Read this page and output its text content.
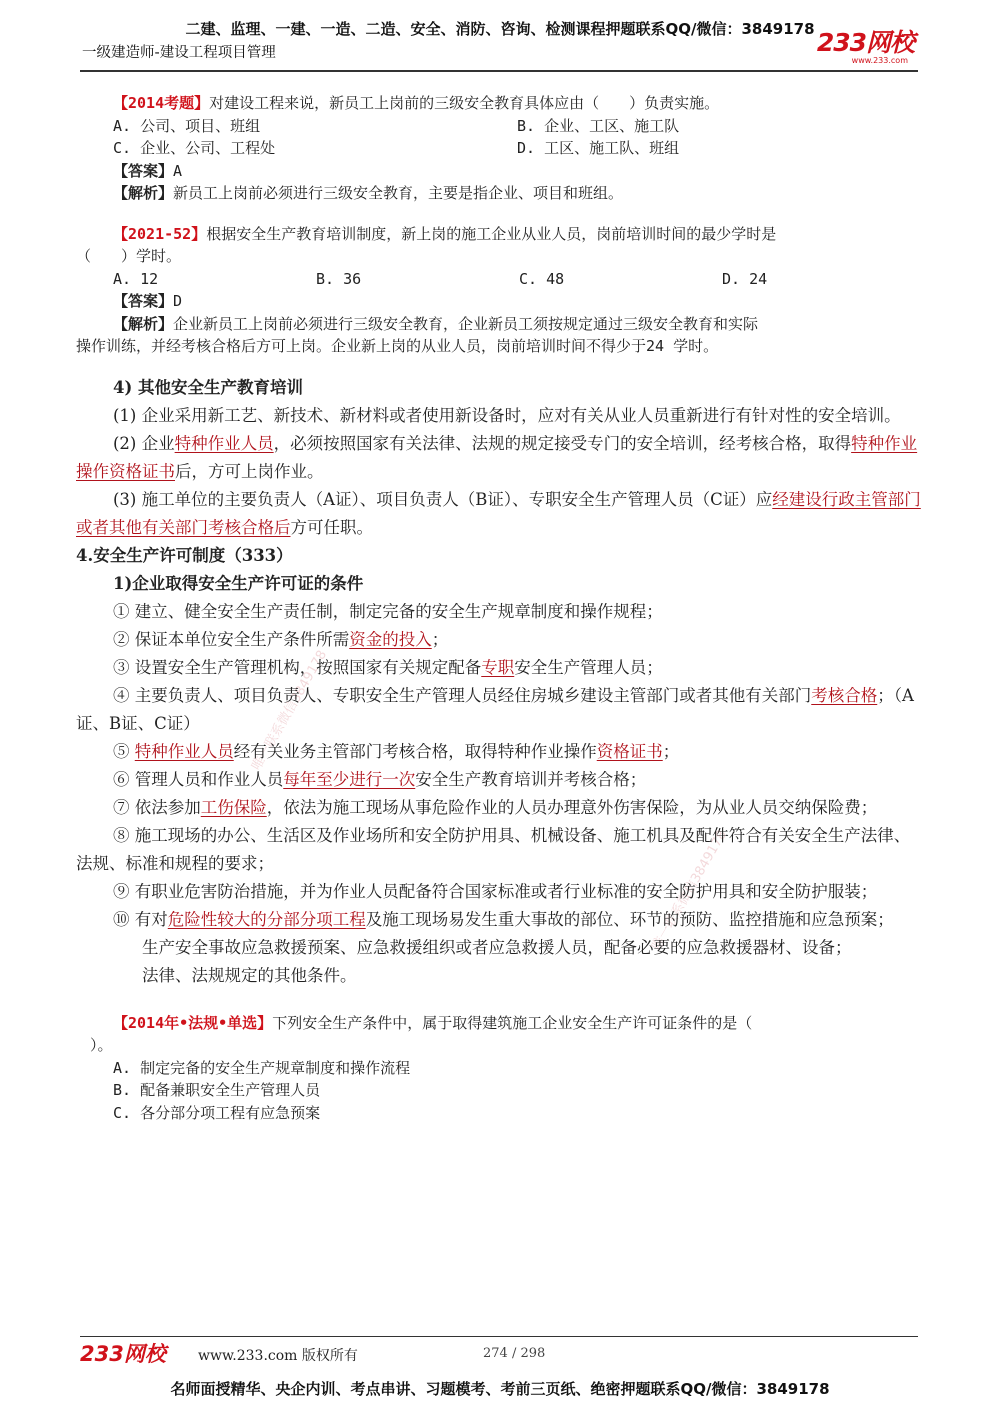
二建、监理、一建、一造、二造、安全、消防、咨询、检测课程押题联系QQ/微信：3849178
一级建造师-建设工程项目管理	233网校
www.233.com
唯一联系微信3849178
唯一联系微信3849178
【2014考题】对建设工程来说，新员工上岗前的三级安全教育具体应由（　　）负责实施。
A. 公司、项目、班组	B. 企业、工区、施工队
C. 企业、公司、工程处	D. 工区、施工队、班组
【答案】A
【解析】新员工上岗前必须进行三级安全教育，主要是指企业、项目和班组。
【2021-52】根据安全生产教育培训制度，新上岗的施工企业从业人员，岗前培训时间的最少学时是
（　　）学时。
A. 12	B. 36	C. 48	D. 24
【答案】D
【解析】企业新员工上岗前必须进行三级安全教育，企业新员工须按规定通过三级安全教育和实际
操作训练，并经考核合格后方可上岗。企业新上岗的从业人员，岗前培训时间不得少于24 学时。
4) 其他安全生产教育培训
(1) 企业采用新工艺、新技术、新材料或者使用新设备时，应对有关从业人员重新进行有针对性的安全培训。
(2) 企业特种作业人员，必须按照国家有关法律、法规的规定接受专门的安全培训，经考核合格，取得特种作业操作资格证书后，方可上岗作业。
(3) 施工单位的主要负责人（A证）、项目负责人（B证）、专职安全生产管理人员（C证）应经建设行政主管部门或者其他有关部门考核合格后方可任职。
4.安全生产许可制度（333）
1)企业取得安全生产许可证的条件
① 建立、健全安全生产责任制，制定完备的安全生产规章制度和操作规程；
② 保证本单位安全生产条件所需资金的投入；
③ 设置安全生产管理机构，按照国家有关规定配备专职安全生产管理人员；
④ 主要负责人、项目负责人、专职安全生产管理人员经住房城乡建设主管部门或者其他有关部门考核合格；（A证、B证、C证）
⑤ 特种作业人员经有关业务主管部门考核合格，取得特种作业操作资格证书；
⑥ 管理人员和作业人员每年至少进行一次安全生产教育培训并考核合格；
⑦ 依法参加工伤保险，依法为施工现场从事危险作业的人员办理意外伤害保险，为从业人员交纳保险费；
⑧ 施工现场的办公、生活区及作业场所和安全防护用具、机械设备、施工机具及配件符合有关安全生产法律、法规、标准和规程的要求；
⑨ 有职业危害防治措施，并为作业人员配备符合国家标准或者行业标准的安全防护用具和安全防护服装；
⑩ 有对危险性较大的分部分项工程及施工现场易发生重大事故的部位、环节的预防、监控措施和应急预案；
生产安全事故应急救援预案、应急救援组织或者应急救援人员，配备必要的应急救援器材、设备；
法律、法规规定的其他条件。
【2014年•法规•单选】下列安全生产条件中，属于取得建筑施工企业安全生产许可证条件的是（
）。
A. 制定完备的安全生产规章制度和操作流程
B. 配备兼职安全生产管理人员
C. 各分部分项工程有应急预案
233网校 www.233.com 版权所有	274 / 298
名师面授精华、央企内训、考点串讲、习题模考、考前三页纸、绝密押题联系QQ/微信：3849178
